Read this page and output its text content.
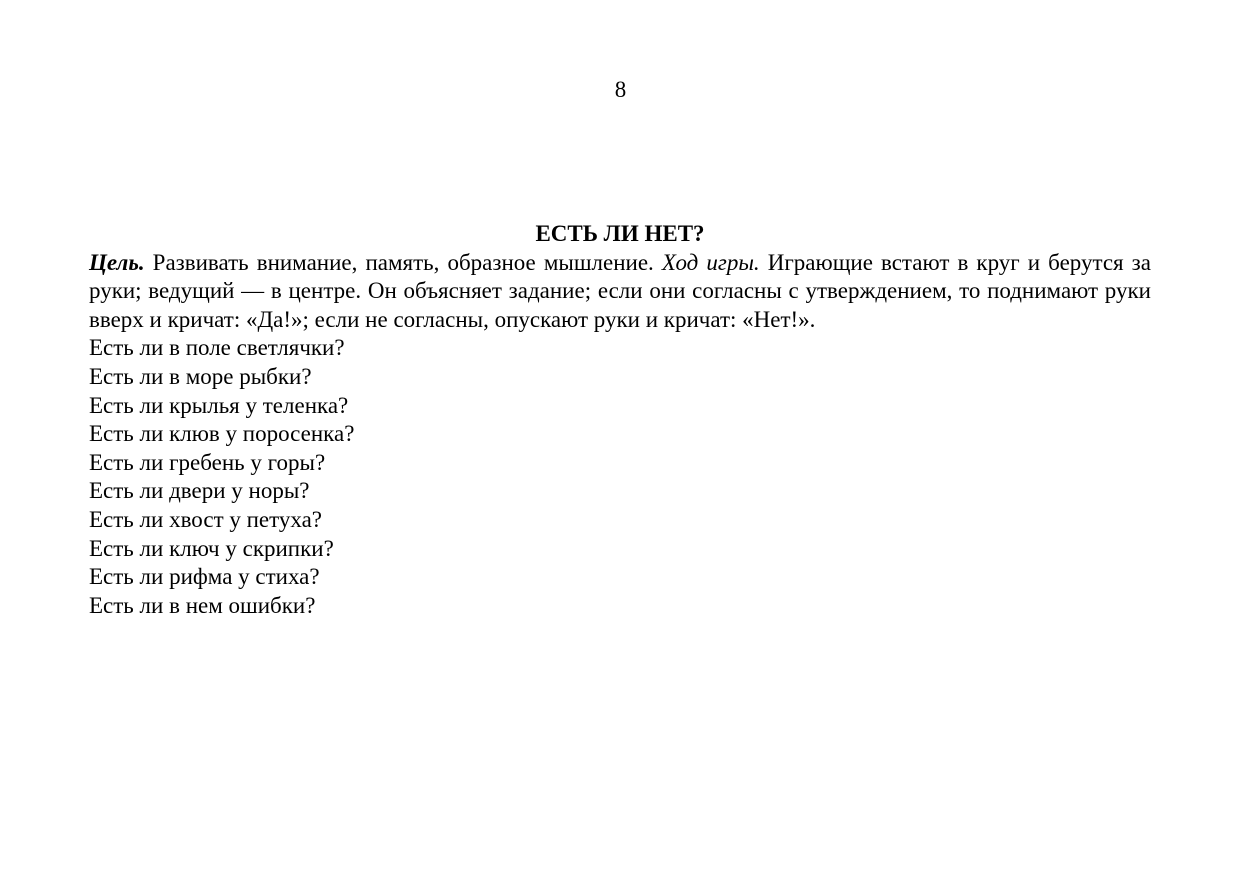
8
ЕСТЬ ЛИ НЕТ?

Цель. Развивать внимание, память, образное мышление. Ход игры. Играющие встают в круг и берутся за руки; ведущий — в центре. Он объясняет задание; если они согласны с утверждением, то поднимают руки вверх и кричат: «Да!»; если не согласны, опускают руки и кричат: «Нет!».

Есть ли в поле светлячки?
Есть ли в море рыбки?
Есть ли крылья у теленка?
Есть ли клюв у поросенка?
Есть ли гребень у горы?
Есть ли двери у норы?
Есть ли хвост у петуха?
Есть ли ключ у скрипки?
Есть ли рифма у стиха?
Есть ли в нем ошибки?
